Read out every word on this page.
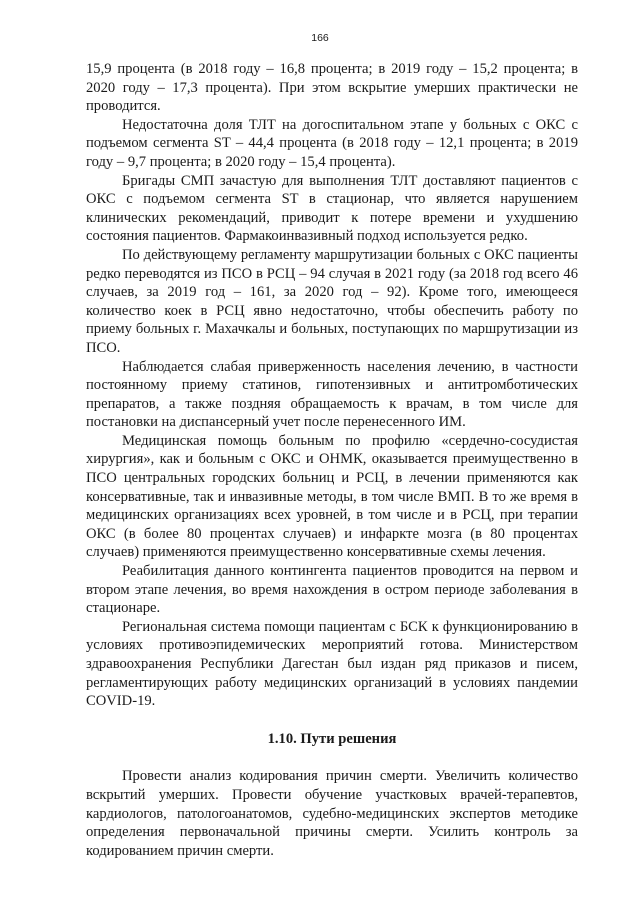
166

15,9 процента (в 2018 году – 16,8 процента; в 2019 году – 15,2 процента; в 2020 году – 17,3 процента). При этом вскрытие умерших практически не проводится.

Недостаточна доля ТЛТ на догоспитальном этапе у больных с ОКС с подъемом сегмента ST – 44,4 процента (в 2018 году – 12,1 процента; в 2019 году – 9,7 процента; в 2020 году – 15,4 процента).

Бригады СМП зачастую для выполнения ТЛТ доставляют пациентов с ОКС с подъемом сегмента ST в стационар, что является нарушением клинических рекомендаций, приводит к потере времени и ухудшению состояния пациентов. Фармакоинвазивный подход используется редко.

По действующему регламенту маршрутизации больных с ОКС пациенты редко переводятся из ПСО в РСЦ – 94 случая в 2021 году (за 2018 год всего 46 случаев, за 2019 год – 161, за 2020 год – 92). Кроме того, имеющееся количество коек в РСЦ явно недостаточно, чтобы обеспечить работу по приему больных г. Махачкалы и больных, поступающих по маршрутизации из ПСО.

Наблюдается слабая приверженность населения лечению, в частности постоянному приему статинов, гипотензивных и антитромботических препаратов, а также поздняя обращаемость к врачам, в том числе для постановки на диспансерный учет после перенесенного ИМ.

Медицинская помощь больным по профилю «сердечно-сосудистая хирургия», как и больным с ОКС и ОНМК, оказывается преимущественно в ПСО центральных городских больниц и РСЦ, в лечении применяются как консервативные, так и инвазивные методы, в том числе ВМП. В то же время в медицинских организациях всех уровней, в том числе и в РСЦ, при терапии ОКС (в более 80 процентах случаев) и инфаркте мозга (в 80 процентах случаев) применяются преимущественно консервативные схемы лечения.

Реабилитация данного контингента пациентов проводится на первом и втором этапе лечения, во время нахождения в остром периоде заболевания в стационаре.

Региональная система помощи пациентам с БСК к функционированию в условиях противоэпидемических мероприятий готова. Министерством здравоохранения Республики Дагестан был издан ряд приказов и писем, регламентирующих работу медицинских организаций в условиях пандемии COVID-19.

1.10. Пути решения

Провести анализ кодирования причин смерти. Увеличить количество вскрытий умерших. Провести обучение участковых врачей-терапевтов, кардиологов, патологоанатомов, судебно-медицинских экспертов методике определения первоначальной причины смерти. Усилить контроль за кодированием причин смерти.
